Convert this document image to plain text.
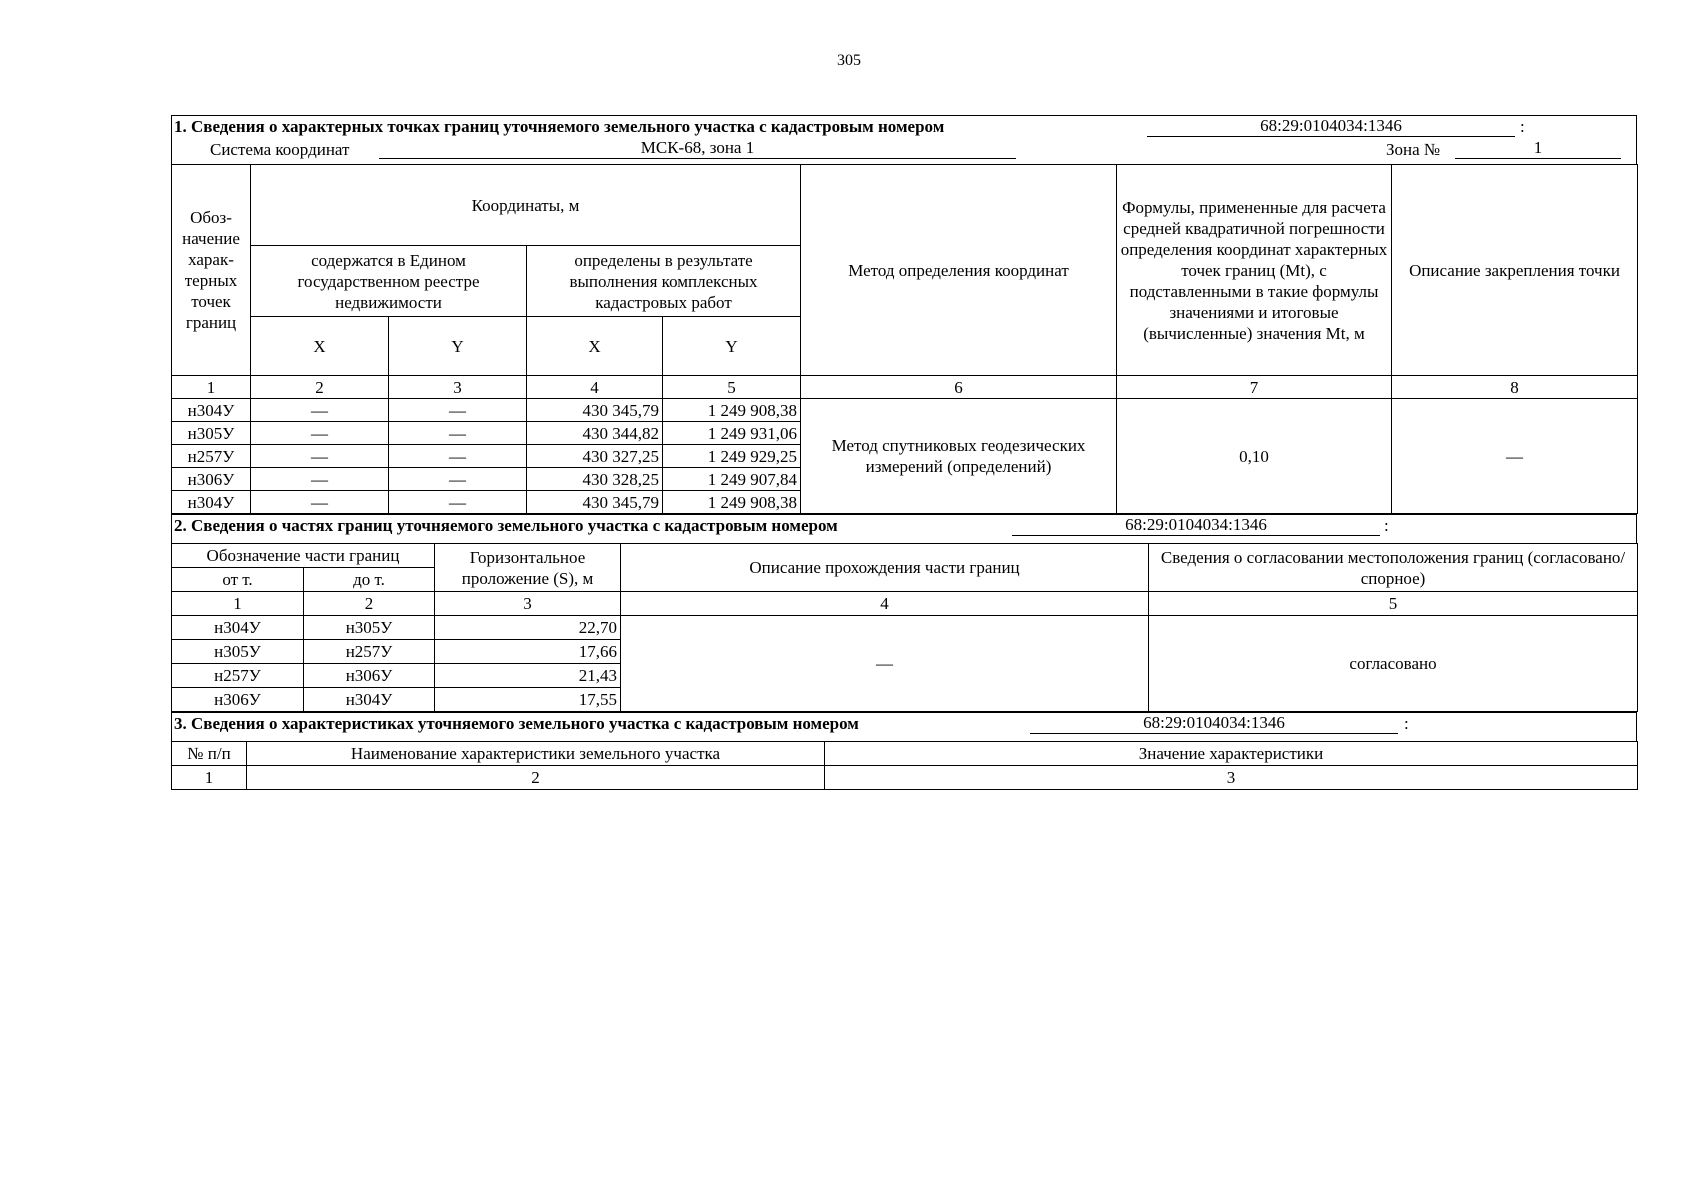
305
1. Сведения о характерных точках границ уточняемого земельного участка с кадастровым номером	68:29:0104034:1346	:
Система координат	МСК-68, зона 1	Зона №	1
Обоз-начение харак-терных точек границ	Координаты, м				Метод определения координат	Формулы, примененные для расчета средней квадратичной погрешности определения координат характерных точек границ (Mt), с подставленными в такие формулы значениями и итоговые (вычисленные) значения Mt, м	Описание закрепления точки
	содержатся в Едином государственном реестре недвижимости		определены в результате выполнения комплексных кадастровых работ				
	X	Y	X	Y			
1	2	3	4	5	6	7	8
н304У	—	—	430 345,79	1 249 908,38	Метод спутниковых геодезических измерений (определений)	0,10	—
н305У	—	—	430 344,82	1 249 931,06			
н257У	—	—	430 327,25	1 249 929,25			
н306У	—	—	430 328,25	1 249 907,84			
н304У	—	—	430 345,79	1 249 908,38			
2. Сведения о частях границ уточняемого земельного участка с кадастровым номером	68:29:0104034:1346	:
Обозначение части границ		Горизонтальное проложение (S), м	Описание прохождения части границ	Сведения о согласовании местоположения границ (согласовано/спорное)
от т.	до т.			
1	2	3	4	5
н304У	н305У	22,70	—	согласовано
н305У	н257У	17,66		
н257У	н306У	21,43		
н306У	н304У	17,55		
3. Сведения о характеристиках уточняемого земельного участка с кадастровым номером	68:29:0104034:1346	:
№ п/п	Наименование характеристики земельного участка	Значение характеристики
1	2	3
